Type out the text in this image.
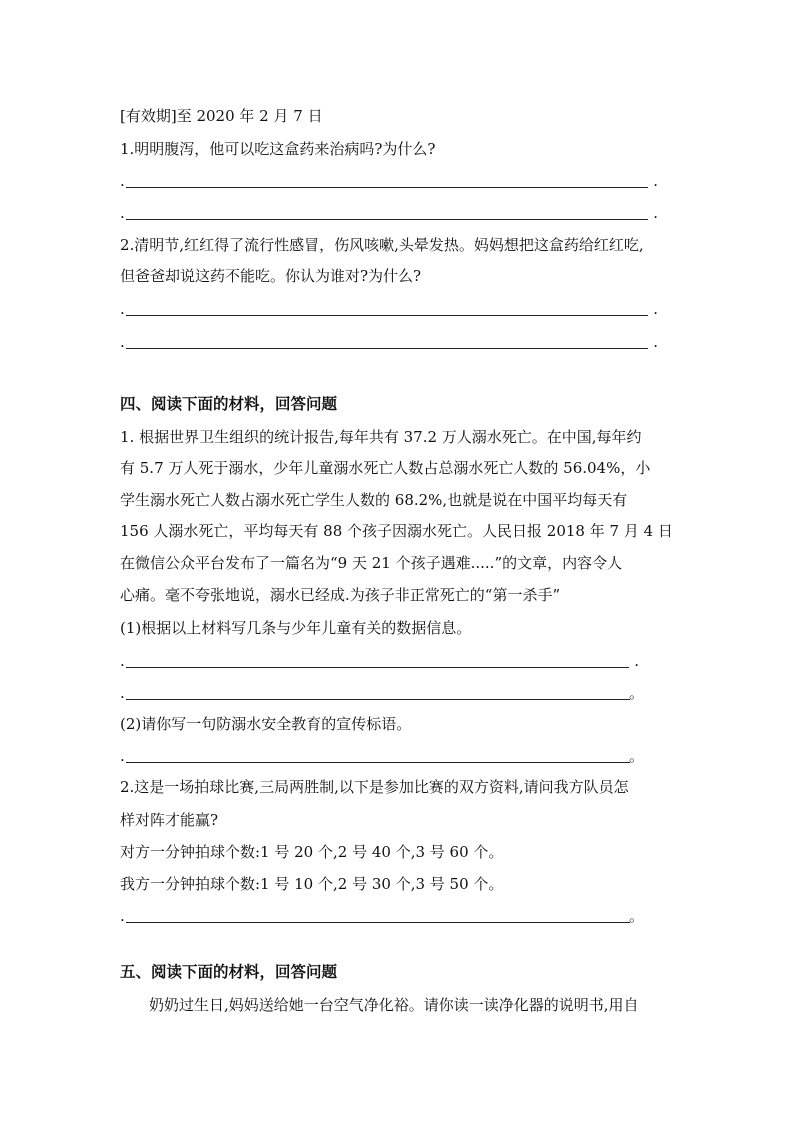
[有效期]至 2020 年 2 月 7 日
1.明明腹泻，他可以吃这盒药来治病吗?为什么?
.	.
.	.
2.清明节,红红得了流行性感冒，伤风咳嗽,头晕发热。妈妈想把这盒药给红红吃,
但爸爸却说这药不能吃。你认为谁对?为什么?
.	.
.	.
四、阅读下面的材料，回答问题
1. 根据世界卫生组织的统计报告,每年共有 37.2 万人溺水死亡。在中国,每年约
有 5.7 万人死于溺水，少年儿童溺水死亡人数占总溺水死亡人数的 56.04%，小
学生溺水死亡人数占溺水死亡学生人数的 68.2%,也就是说在中国平均每天有
156 人溺水死亡，平均每天有 88 个孩子因溺水死亡。人民日报 2018 年 7 月 4 日
在微信公众平台发布了一篇名为“9 天 21 个孩子遇难.....”的文章，内容令人
心痛。毫不夸张地说，溺水已经成.为孩子非正常死亡的“第一杀手”
(1)根据以上材料写几条与少年儿童有关的数据信息。
.	.
.	。
(2)请你写一句防溺水安全教育的宣传标语。
.	。
2.这是一场拍球比赛,三局两胜制,以下是参加比赛的双方资料,请问我方队员怎
样对阵才能赢?
对方一分钟拍球个数:1 号 20 个,2 号 40 个,3 号 60 个。
我方一分钟拍球个数:1 号 10 个,2 号 30 个,3 号 50 个。
.	。
五、阅读下面的材料，回答问题
奶奶过生日,妈妈送给她一台空气净化裕。请你读一读净化器的说明书,用自
